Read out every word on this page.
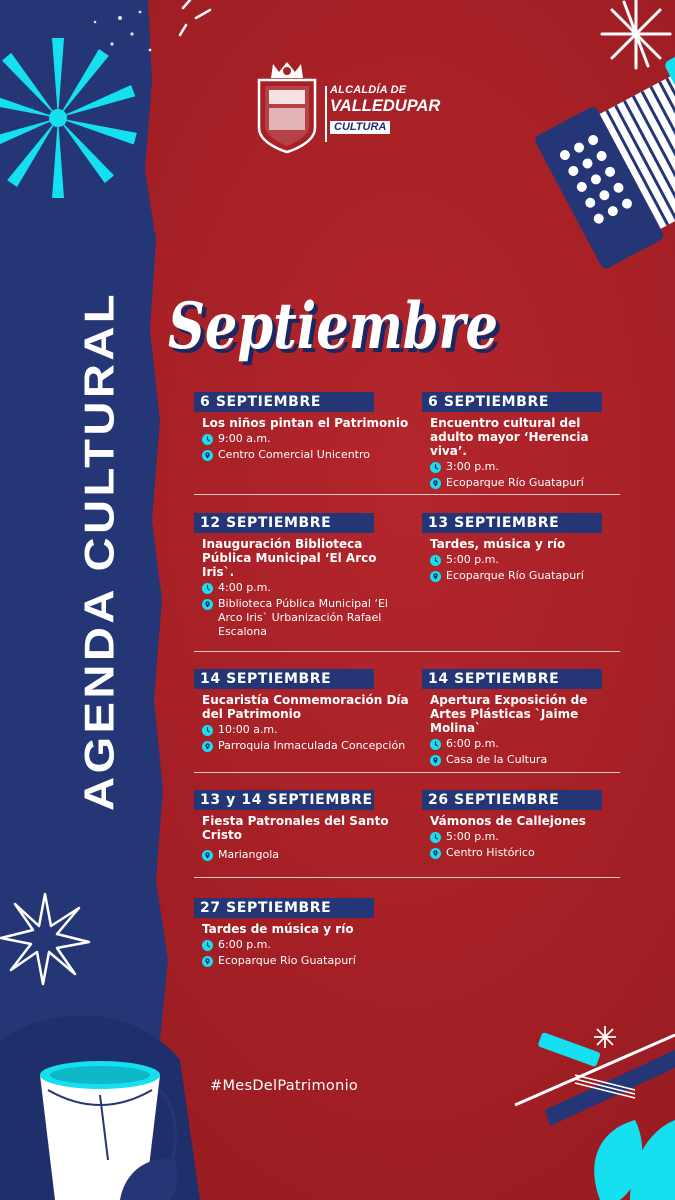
AGENDA CULTURAL
ALCALDÍA DE
VALLEDUPAR
CULTURA
Septiembre
Septiembre
6 SEPTIEMBRE
Los niños pintan el Patrimonio
9:00 a.m.
Centro Comercial Unicentro
6 SEPTIEMBRE
Encuentro cultural del adulto mayor ‘Herencia viva’.
3:00 p.m.
Ecoparque Río Guatapurí
12 SEPTIEMBRE
Inauguración Biblioteca Pública Municipal ‘El Arco Iris`.
4:00 p.m.
Biblioteca Pública Municipal ‘El Arco Iris` Urbanización Rafael Escalona
13 SEPTIEMBRE
Tardes, música y río
5:00 p.m.
Ecoparque Río Guatapurí
14 SEPTIEMBRE
Eucaristía Conmemoración Día del Patrimonio
10:00 a.m.
Parroquia Inmaculada Concepción
14 SEPTIEMBRE
Apertura Exposición de Artes Plásticas `Jaime Molina`
6:00 p.m.
Casa de la Cultura
13 y 14 SEPTIEMBRE
Fiesta Patronales del Santo Cristo
Mariangola
26 SEPTIEMBRE
Vámonos de Callejones
5:00 p.m.
Centro Histórico
27 SEPTIEMBRE
Tardes de música y río
6:00 p.m.
Ecoparque Rio Guatapurí
#MesDelPatrimonio
